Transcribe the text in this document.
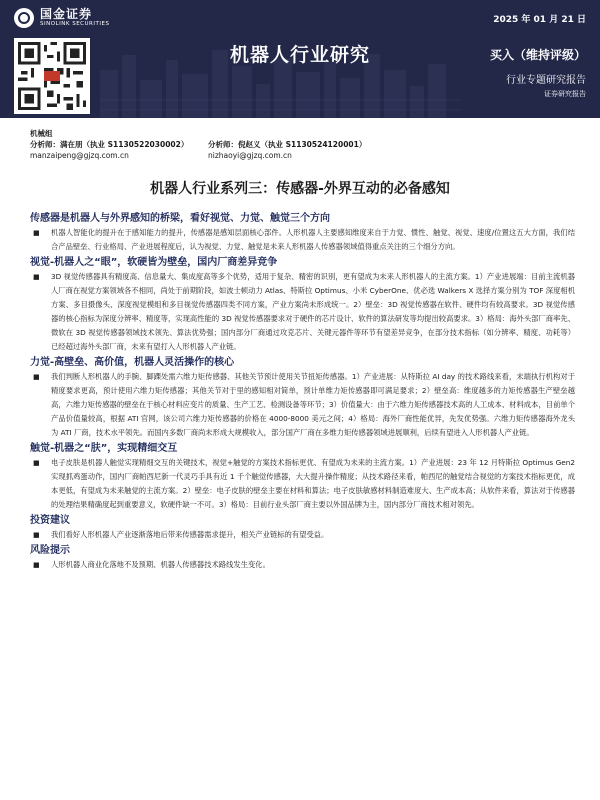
国金证券
SINOLINK SECURITIES	2025 年 01 月 21 日
机器人行业研究	买入（维持评级）
行业专题研究报告
证券研究报告
机械组
分析师：满在朋（执业 S1130522030002）	分析师：倪赵义（执业 S1130524120001）
manzaipeng@gjzq.com.cn	nizhaoyi@gjzq.com.cn
机器人行业系列三：传感器-外界互动的必备感知
传感器是机器人与外界感知的桥梁，看好视觉、力觉、触觉三个方向
■ 机器人智能化的提升在于感知能力的提升，传感器是感知层面核心部件。人形机器人主要感知维度来自于力觉、惯性、触觉、视觉、速度/位置这五大方面，我们结合产品壁垒、行业格局、产业进展程度后，认为视觉、力觉、触觉是未来人形机器人传感器领域值得重点关注的三个细分方向。
视觉-机器人之“眼”，软硬皆为壁垒，国内厂商差异竞争
■ 3D 视觉传感器具有精度高、信息量大、集成度高等多个优势，适用于复杂、精密的识别，更有望成为未来人形机器人的主流方案。1）产业进展端：目前主流机器人厂商在视觉方案领域各不相同，尚处于前期阶段，如波士顿动力 Atlas、特斯拉 Optimus、小米 CyberOne、优必选 Walkers X 选择方案分别为 TOF 深度相机方案、多目摄像头、深度视觉模组和多目视觉传感器四类不同方案，产业方案尚未形成统一。2）壁垒：3D 视觉传感器在软件、硬件均有较高要求。3D 视觉传感器的核心指标为深度分辨率、精度等，实现高性能的 3D 视觉传感器要求对于硬件的芯片设计、软件的算法研发等均提出较高要求。3）格局：海外头部厂商率先、微软在 3D 视觉传感器领域技术领先、算法优势强；国内部分厂商通过攻克芯片、关键元器件等环节有望差异竞争，在部分技术指标（如分辨率、精度、功耗等）已经超过海外头部厂商，未来有望打入人形机器人产业链。
力觉-高壁垒、高价值，机器人灵活操作的核心
■ 我们判断人形机器人的手腕、脚踝处需六维力矩传感器、其他关节预计使用关节扭矩传感器。1）产业进展：从特斯拉 AI day 的技术路线来看，末端执行机构对于精度要求更高，预计使用六维力矩传感器；其他关节对于里的感知相对简单，预计单维力矩传感器即可满足要求；2）壁垒高：维度越多的力矩传感器生产壁垒越高，六维力矩传感器的壁垒在于核心材料应变片的质量、生产工艺、检测设备等环节；3）价值量大：由于六维力矩传感器技术高的人工成本、材料成本，目前单个产品价值量较高，根据 ATI 官网，该公司六维力矩传感器的价格在 4000-8000 美元之间；4）格局：海外厂商性能优异，先发优势强。六维力矩传感器海外龙头为 ATI 厂商，技术水平领先。而国内多数厂商尚未形成大规模收入，部分国产厂商在多维力矩传感器领域进展顺利，后续有望进入人形机器人产业链。
触觉-机器之“肤”，实现精细交互
■ 电子皮肤是机器人触觉实现精细交互的关键技术，视觉+触觉的方案技术指标更优、有望成为未来的主流方案。1）产业进展：23 年 12 月特斯拉 Optimus Gen2 实现抓鸡蛋动作，国内厂商帕西尼新一代灵巧手具有近 1 千个触觉传感器，大大提升操作精度；从技术路径来看，帕西尼的触觉结合视觉的方案技术指标更优，成本更低，有望成为未来触觉的主流方案。2）壁垒：电子皮肤的壁垒主要在材料和算法；电子皮肤敏感材料制造难度大、生产成本高；从软件来看，算法对于传感器的处理结果精确度起到重要意义，软硬件缺一不可。3）格局：目前行业头部厂商主要以外国品牌为主，国内部分厂商技术相对领先。
投资建议
■ 我们看好人形机器人产业逐渐落地后带来传感器需求提升，相关产业链标的有望受益。
风险提示
■ 人形机器人商业化落地不及预期、机器人传感器技术路线发生变化。
